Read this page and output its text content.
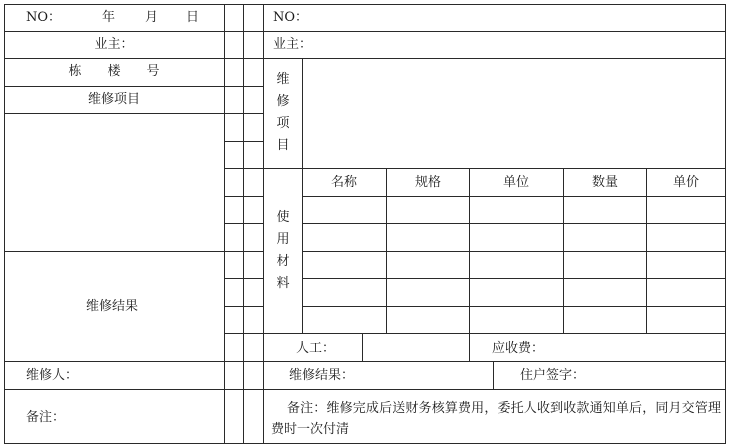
NO：	年 月 日
业主：
栋　　楼　　号
维修项目
维修结果
维修人：
备注：
NO：
业主：
维修项目
使用材料
名称	规格	单位	数量	单价
人工：	应收费：
维修结果：	住户签字：
备注：维修完成后送财务核算费用，委托人收到收款通知单后，同月交管理费时一次付清
